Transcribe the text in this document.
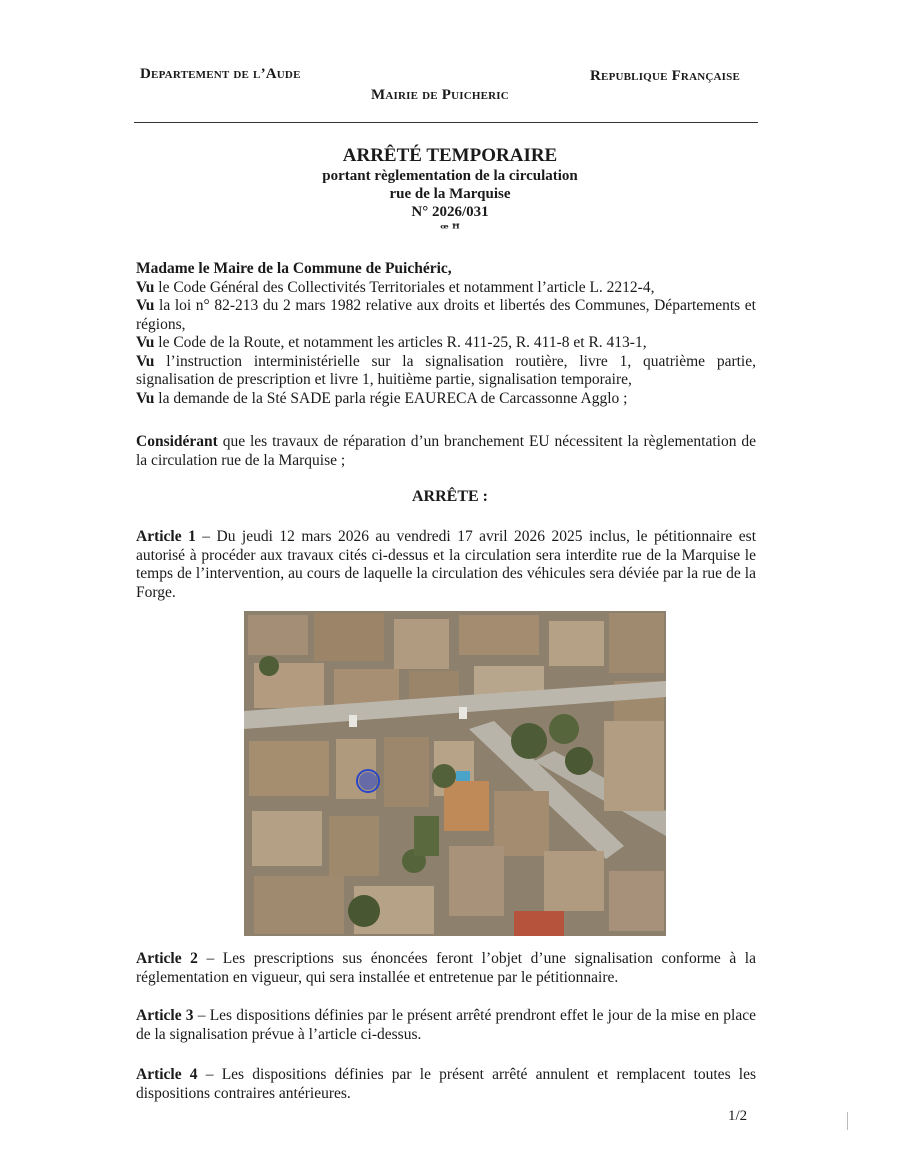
Departement de l’Aude
Mairie de Puicheric
Republique Française
ARRÊTÉ TEMPORAIRE
portant règlementation de la circulation
rue de la Marquise
N° 2026/031
ꟹ ꟸ

Madame le Maire de la Commune de Puichéric,

Vu le Code Général des Collectivités Territoriales et notamment l’article L. 2212-4,

Vu la loi n° 82-213 du 2 mars 1982 relative aux droits et libertés des Communes, Départements et régions,

Vu le Code de la Route, et notamment les articles R. 411-25, R. 411-8 et R. 413-1,

Vu l’instruction interministérielle sur la signalisation routière, livre 1, quatrième partie, signalisation de prescription et livre 1, huitième partie, signalisation temporaire,

Vu la demande de la Sté SADE parla régie EAURECA de Carcassonne Agglo ;

Considérant que les travaux de réparation d’un branchement EU nécessitent la règlementation de la circulation rue de la Marquise ;

ARRÊTE :

Article 1 – Du jeudi 12 mars 2026 au vendredi 17 avril 2026 2025 inclus, le pétitionnaire est autorisé à procéder aux travaux cités ci-dessus et la circulation sera interdite rue de la Marquise le temps de l’intervention, au cours de laquelle la circulation des véhicules sera déviée par la rue de la Forge.

Article 2 – Les prescriptions sus énoncées feront l’objet d’une signalisation conforme à la réglementation en vigueur, qui sera installée et entretenue par le pétitionnaire.

Article 3 – Les dispositions définies par le présent arrêté prendront effet le jour de la mise en place de la signalisation prévue à l’article ci-dessus.

Article 4 – Les dispositions définies par le présent arrêté annulent et remplacent toutes les dispositions contraires antérieures.

1/2
